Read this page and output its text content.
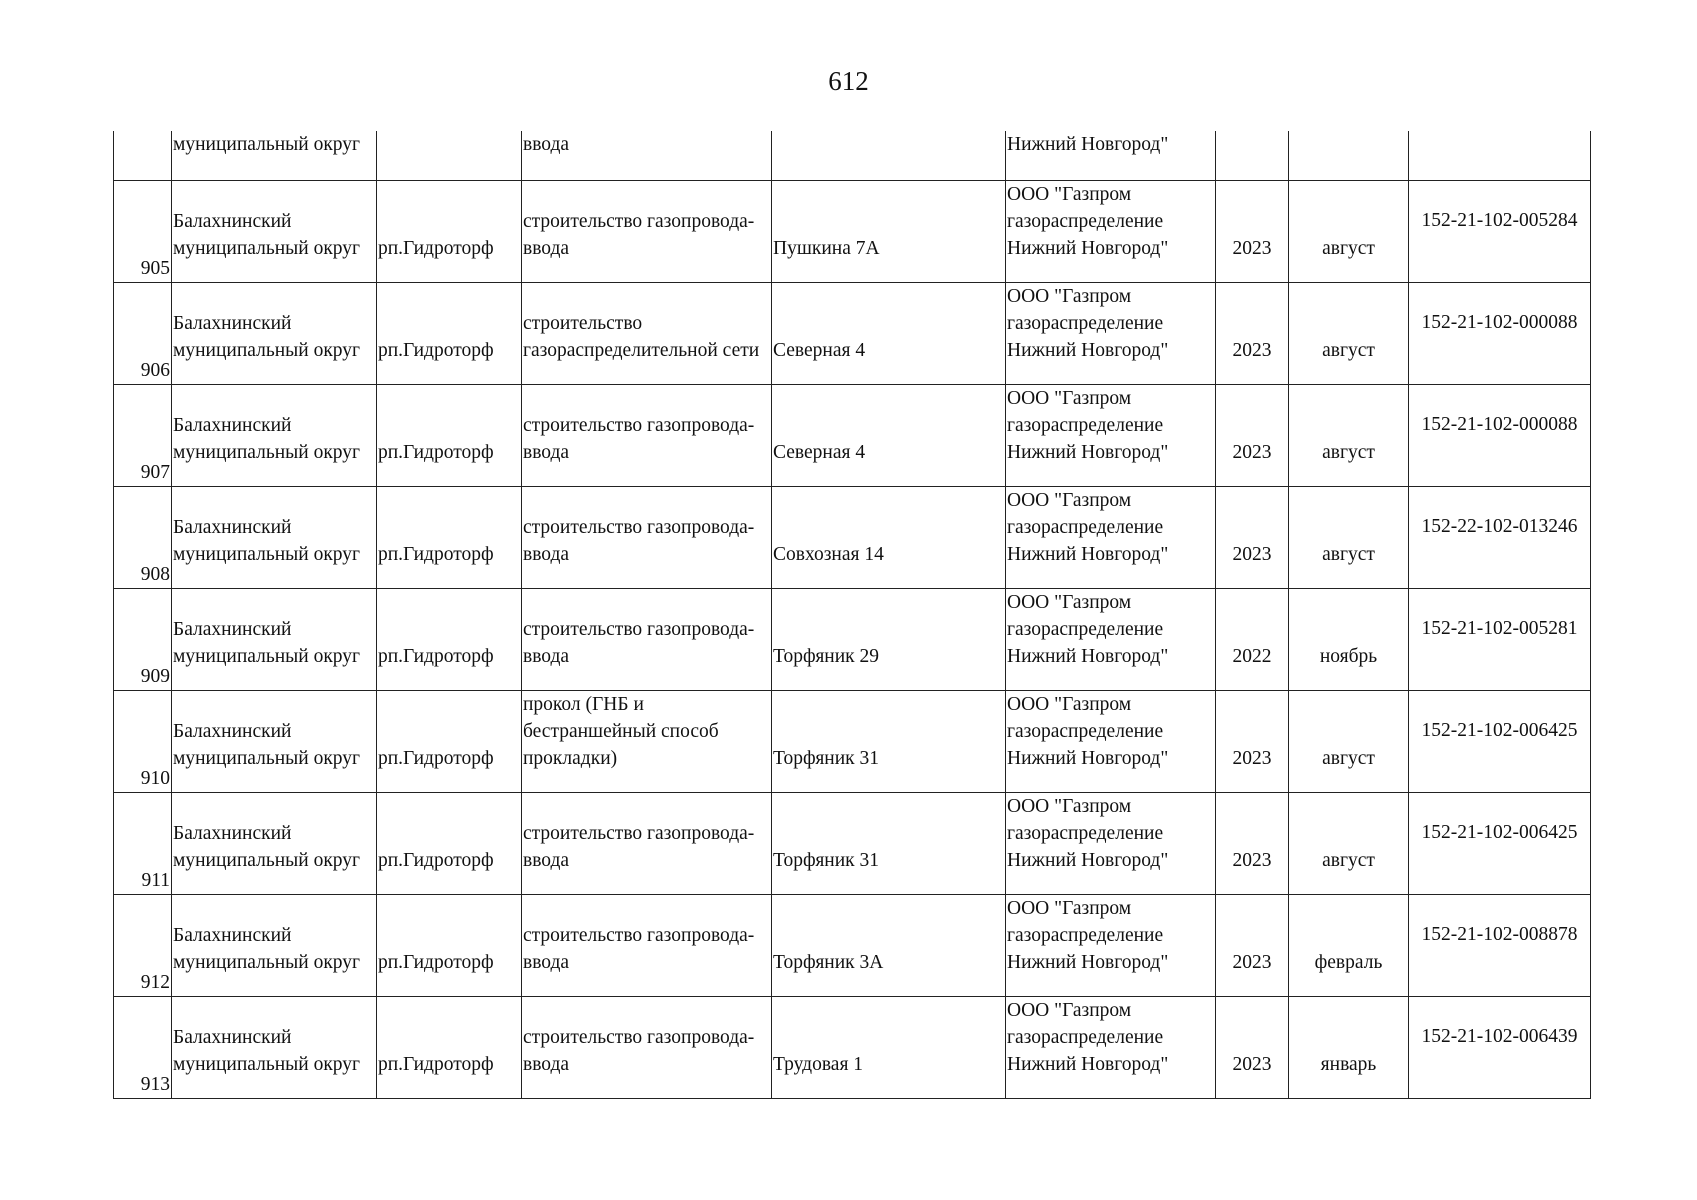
612
	муниципальный округ		ввода		Нижний Новгород"			
905	Балахнинский
муниципальный округ	рп.Гидроторф	строительство газопровода-
ввода	Пушкина 7А	ООО "Газпром
газораспределение
Нижний Новгород"	2023	август	152-21-102-005284

906	Балахнинский
муниципальный округ	рп.Гидроторф	строительство
газораспределительной сети	Северная 4	ООО "Газпром
газораспределение
Нижний Новгород"	2023	август	152-21-102-000088

907	Балахнинский
муниципальный округ	рп.Гидроторф	строительство газопровода-
ввода	Северная 4	ООО "Газпром
газораспределение
Нижний Новгород"	2023	август	152-21-102-000088

908	Балахнинский
муниципальный округ	рп.Гидроторф	строительство газопровода-
ввода	Совхозная 14	ООО "Газпром
газораспределение
Нижний Новгород"	2023	август	152-22-102-013246

909	Балахнинский
муниципальный округ	рп.Гидроторф	строительство газопровода-
ввода	Торфяник 29	ООО "Газпром
газораспределение
Нижний Новгород"	2022	ноябрь	152-21-102-005281

910	Балахнинский
муниципальный округ	рп.Гидроторф	прокол (ГНБ и
бестраншейный способ
прокладки)	Торфяник 31	ООО "Газпром
газораспределение
Нижний Новгород"	2023	август	152-21-102-006425

911	Балахнинский
муниципальный округ	рп.Гидроторф	строительство газопровода-
ввода	Торфяник 31	ООО "Газпром
газораспределение
Нижний Новгород"	2023	август	152-21-102-006425

912	Балахнинский
муниципальный округ	рп.Гидроторф	строительство газопровода-
ввода	Торфяник 3А	ООО "Газпром
газораспределение
Нижний Новгород"	2023	февраль	152-21-102-008878

913	Балахнинский
муниципальный округ	рп.Гидроторф	строительство газопровода-
ввода	Трудовая 1	ООО "Газпром
газораспределение
Нижний Новгород"	2023	январь	152-21-102-006439
